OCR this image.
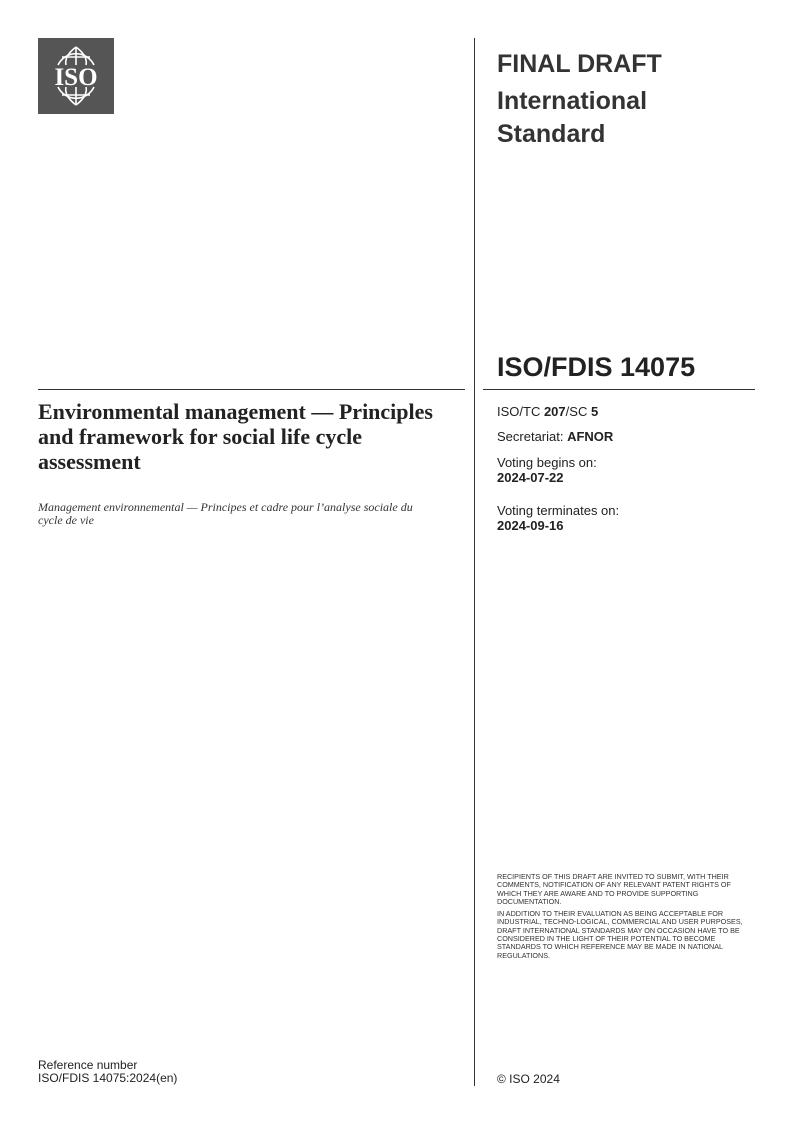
ISO	FINAL DRAFT
International
Standard
ISO/FDIS 14075
Environmental management — Principles and framework for social life cycle assessment
Management environnemental — Principes et cadre pour l’analyse sociale du cycle de vie
ISO/TC 207/SC 5
Secretariat: AFNOR
Voting begins on:
2024-07-22
Voting terminates on:
2024-09-16

RECIPIENTS OF THIS DRAFT ARE INVITED TO SUBMIT, WITH THEIR COMMENTS, NOTIFICATION OF ANY RELEVANT PATENT RIGHTS OF WHICH THEY ARE AWARE AND TO PROVIDE SUPPORTING DOCUMENTATION.

IN ADDITION TO THEIR EVALUATION AS BEING ACCEPTABLE FOR INDUSTRIAL, TECHNO-LOGICAL, COMMERCIAL AND USER PURPOSES, DRAFT INTERNATIONAL STANDARDS MAY ON OCCASION HAVE TO BE CONSIDERED IN THE LIGHT OF THEIR POTENTIAL TO BECOME STANDARDS TO WHICH REFERENCE MAY BE MADE IN NATIONAL REGULATIONS.

Reference number
ISO/FDIS 14075:2024(en)	© ISO 2024
